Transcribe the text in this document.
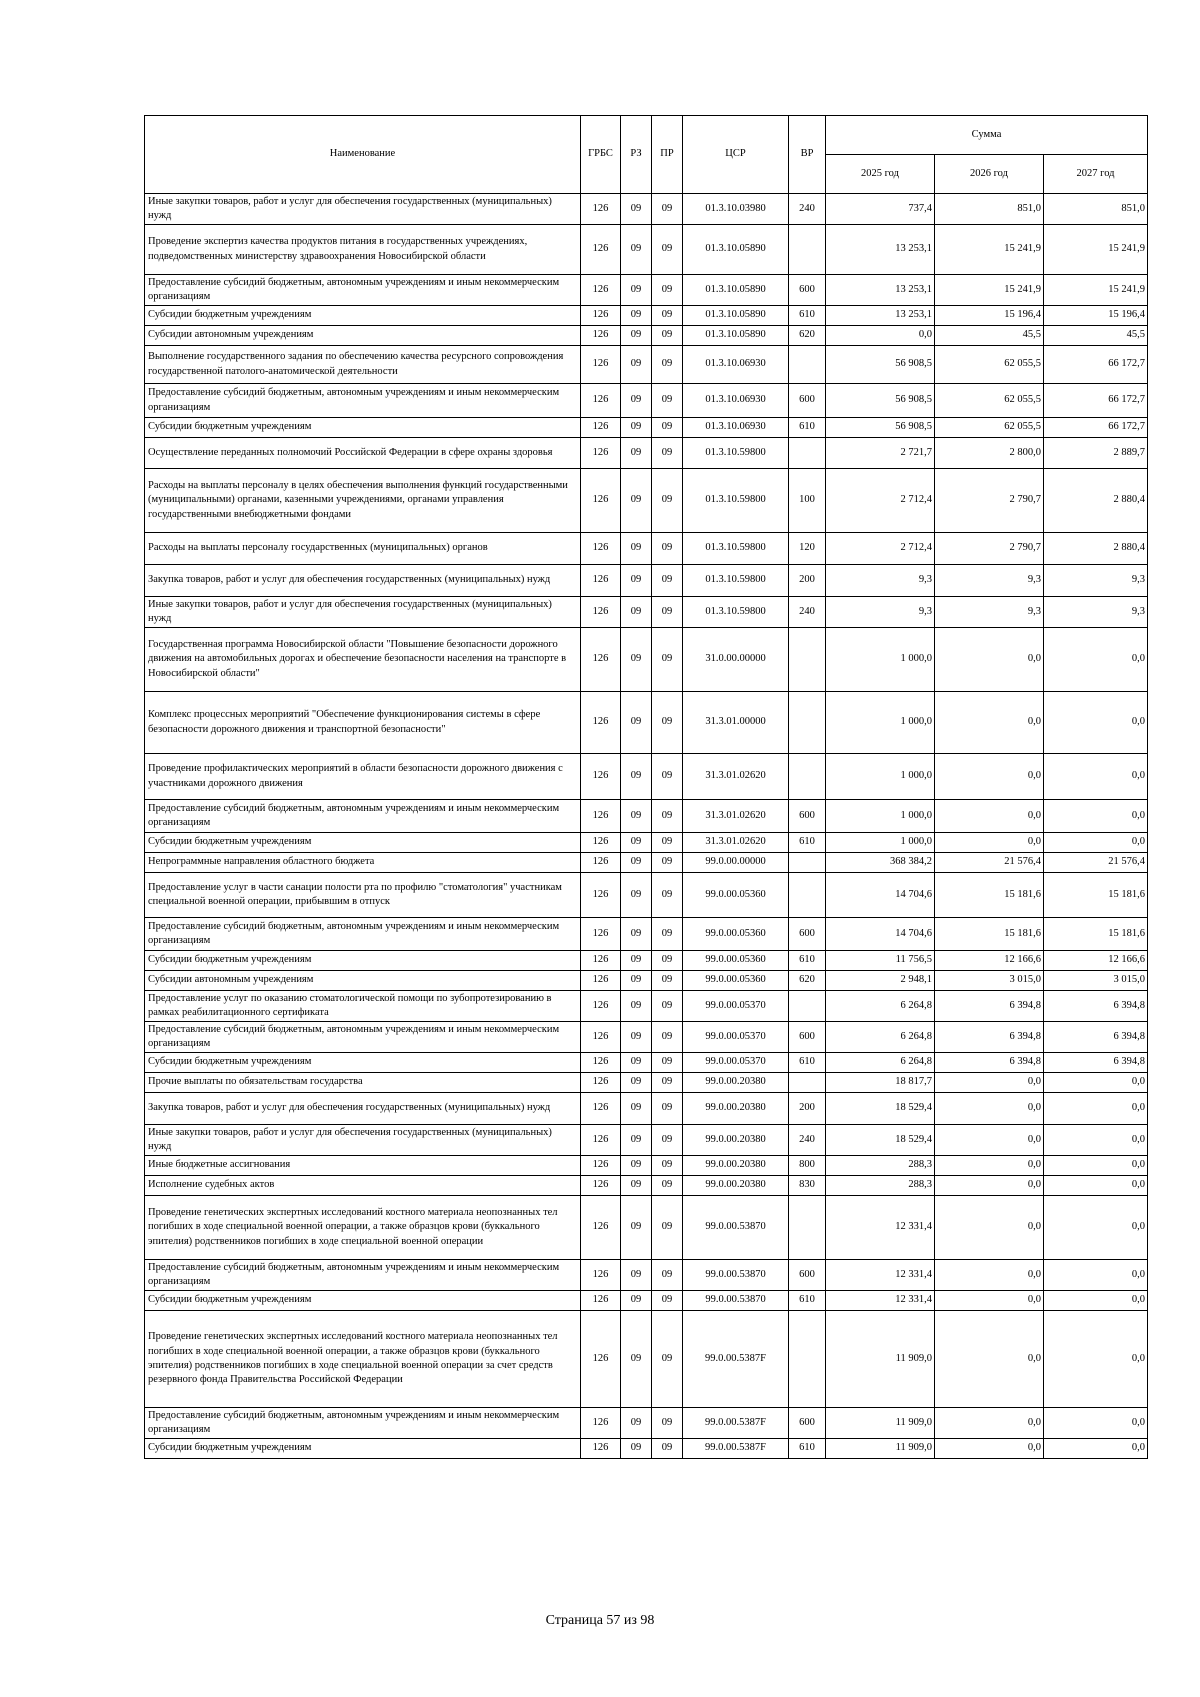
Наименование	ГРБС	РЗ	ПР	ЦСР	ВР	Сумма		
						2025 год	2026 год	2027 год
Иные закупки товаров, работ и услуг для обеспечения государственных (муниципальных) нужд	126	09	09	01.3.10.03980	240	737,4	851,0	851,0
Проведение экспертиз качества продуктов питания в государственных учреждениях, подведомственных министерству здравоохранения Новосибирской области	126	09	09	01.3.10.05890		13 253,1	15 241,9	15 241,9
Предоставление субсидий бюджетным, автономным учреждениям и иным некоммерческим организациям	126	09	09	01.3.10.05890	600	13 253,1	15 241,9	15 241,9
Субсидии бюджетным учреждениям	126	09	09	01.3.10.05890	610	13 253,1	15 196,4	15 196,4
Субсидии автономным учреждениям	126	09	09	01.3.10.05890	620	0,0	45,5	45,5
Выполнение государственного задания по обеспечению качества ресурсного сопровождения государственной патолого-анатомической деятельности	126	09	09	01.3.10.06930		56 908,5	62 055,5	66 172,7
Предоставление субсидий бюджетным, автономным учреждениям и иным некоммерческим организациям	126	09	09	01.3.10.06930	600	56 908,5	62 055,5	66 172,7
Субсидии бюджетным учреждениям	126	09	09	01.3.10.06930	610	56 908,5	62 055,5	66 172,7
Осуществление переданных полномочий Российской Федерации в сфере охраны здоровья	126	09	09	01.3.10.59800		2 721,7	2 800,0	2 889,7
Расходы на выплаты персоналу в целях обеспечения выполнения функций государственными (муниципальными) органами, казенными учреждениями, органами управления государственными внебюджетными фондами	126	09	09	01.3.10.59800	100	2 712,4	2 790,7	2 880,4
Расходы на выплаты персоналу государственных (муниципальных) органов	126	09	09	01.3.10.59800	120	2 712,4	2 790,7	2 880,4
Закупка товаров, работ и услуг для обеспечения государственных (муниципальных) нужд	126	09	09	01.3.10.59800	200	9,3	9,3	9,3
Иные закупки товаров, работ и услуг для обеспечения государственных (муниципальных) нужд	126	09	09	01.3.10.59800	240	9,3	9,3	9,3
Государственная программа Новосибирской области "Повышение безопасности дорожного движения на автомобильных дорогах и обеспечение безопасности населения на транспорте в Новосибирской области"	126	09	09	31.0.00.00000		1 000,0	0,0	0,0
Комплекс процессных мероприятий "Обеспечение функционирования системы в сфере безопасности дорожного движения и транспортной безопасности"	126	09	09	31.3.01.00000		1 000,0	0,0	0,0
Проведение профилактических мероприятий в области безопасности дорожного движения с участниками дорожного движения	126	09	09	31.3.01.02620		1 000,0	0,0	0,0
Предоставление субсидий бюджетным, автономным учреждениям и иным некоммерческим организациям	126	09	09	31.3.01.02620	600	1 000,0	0,0	0,0
Субсидии бюджетным учреждениям	126	09	09	31.3.01.02620	610	1 000,0	0,0	0,0
Непрограммные направления областного бюджета	126	09	09	99.0.00.00000		368 384,2	21 576,4	21 576,4
Предоставление услуг в части санации полости рта по профилю "стоматология" участникам специальной военной операции, прибывшим в отпуск	126	09	09	99.0.00.05360		14 704,6	15 181,6	15 181,6
Предоставление субсидий бюджетным, автономным учреждениям и иным некоммерческим организациям	126	09	09	99.0.00.05360	600	14 704,6	15 181,6	15 181,6
Субсидии бюджетным учреждениям	126	09	09	99.0.00.05360	610	11 756,5	12 166,6	12 166,6
Субсидии автономным учреждениям	126	09	09	99.0.00.05360	620	2 948,1	3 015,0	3 015,0
Предоставление услуг по оказанию стоматологической помощи по зубопротезированию в рамках реабилитационного сертификата	126	09	09	99.0.00.05370		6 264,8	6 394,8	6 394,8
Предоставление субсидий бюджетным, автономным учреждениям и иным некоммерческим организациям	126	09	09	99.0.00.05370	600	6 264,8	6 394,8	6 394,8
Субсидии бюджетным учреждениям	126	09	09	99.0.00.05370	610	6 264,8	6 394,8	6 394,8
Прочие выплаты по обязательствам государства	126	09	09	99.0.00.20380		18 817,7	0,0	0,0
Закупка товаров, работ и услуг для обеспечения государственных (муниципальных) нужд	126	09	09	99.0.00.20380	200	18 529,4	0,0	0,0
Иные закупки товаров, работ и услуг для обеспечения государственных (муниципальных) нужд	126	09	09	99.0.00.20380	240	18 529,4	0,0	0,0
Иные бюджетные ассигнования	126	09	09	99.0.00.20380	800	288,3	0,0	0,0
Исполнение судебных актов	126	09	09	99.0.00.20380	830	288,3	0,0	0,0
Проведение генетических экспертных исследований костного материала неопознанных тел погибших в ходе специальной военной операции, а также образцов крови (буккального эпителия) родственников погибших в ходе специальной военной операции	126	09	09	99.0.00.53870		12 331,4	0,0	0,0
Предоставление субсидий бюджетным, автономным учреждениям и иным некоммерческим организациям	126	09	09	99.0.00.53870	600	12 331,4	0,0	0,0
Субсидии бюджетным учреждениям	126	09	09	99.0.00.53870	610	12 331,4	0,0	0,0
Проведение генетических экспертных исследований костного материала неопознанных тел погибших в ходе специальной военной операции, а также образцов крови (буккального эпителия) родственников погибших в ходе специальной военной операции за счет средств резервного фонда Правительства Российской Федерации	126	09	09	99.0.00.5387F		11 909,0	0,0	0,0
Предоставление субсидий бюджетным, автономным учреждениям и иным некоммерческим организациям	126	09	09	99.0.00.5387F	600	11 909,0	0,0	0,0
Субсидии бюджетным учреждениям	126	09	09	99.0.00.5387F	610	11 909,0	0,0	0,0
Страница 57 из 98
